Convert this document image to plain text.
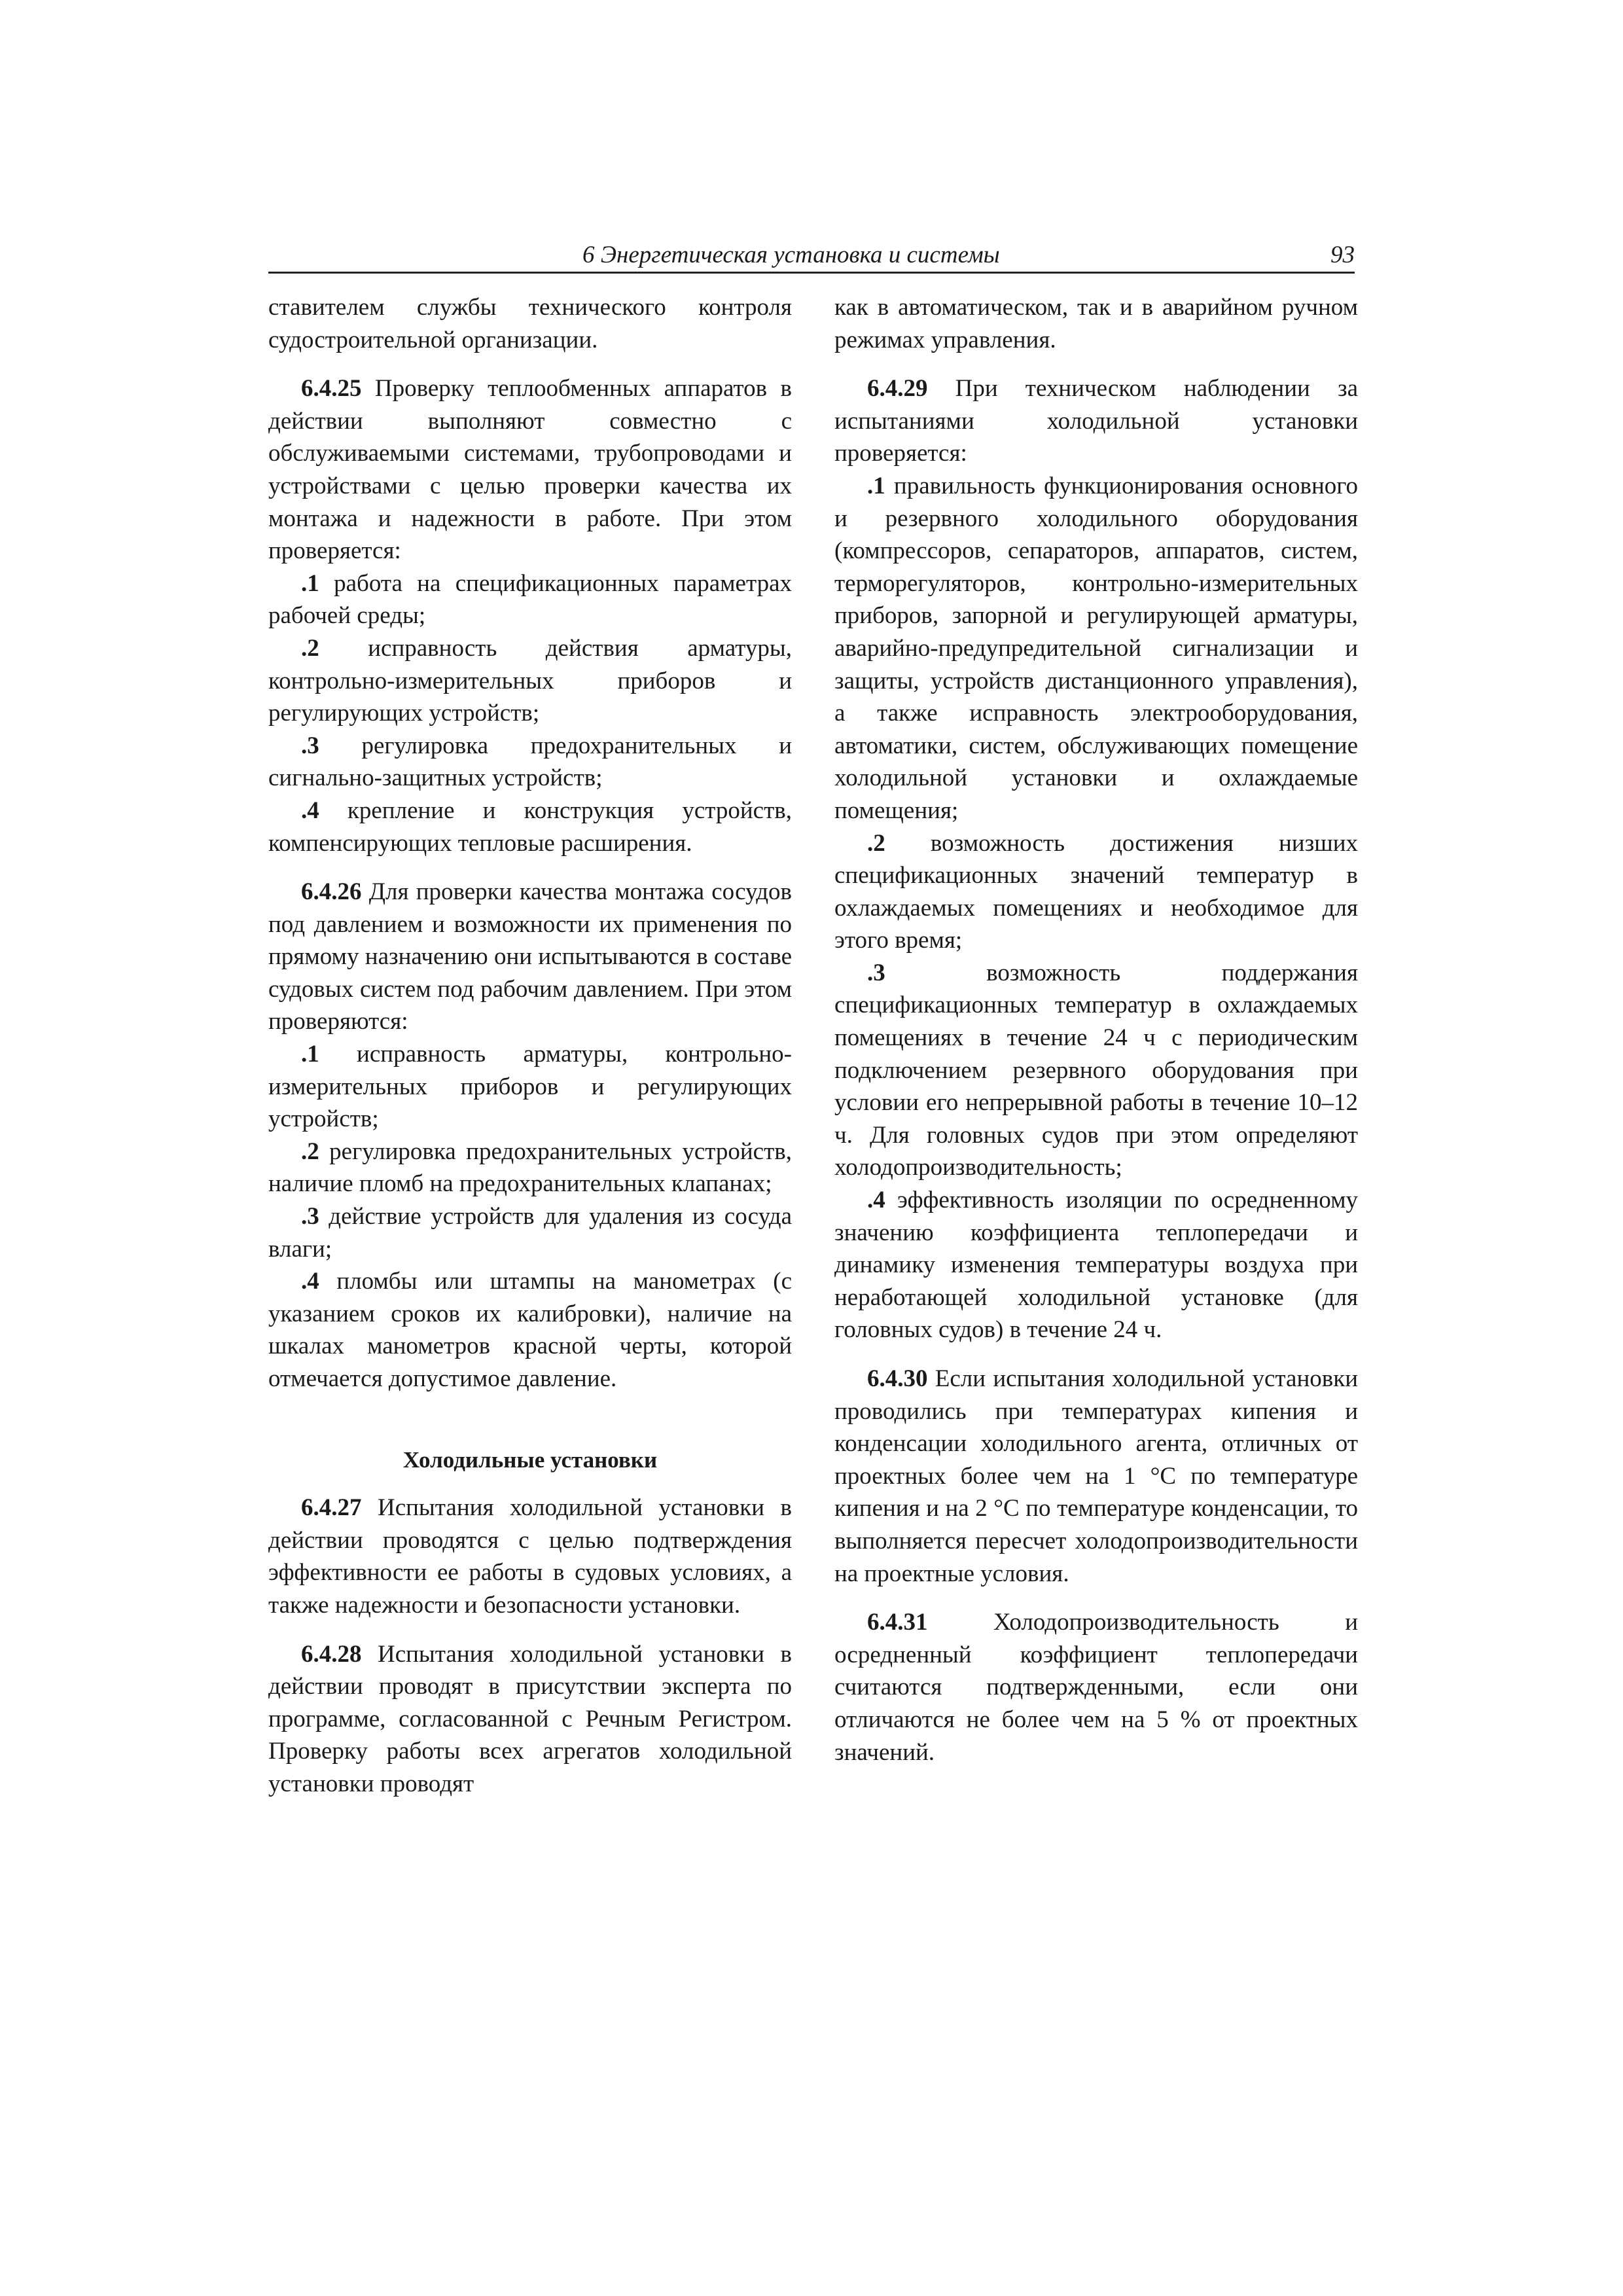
6 Энергетическая установка и системы	93

ставителем службы технического контроля судостроительной организации.

6.4.25 Проверку теплообменных аппаратов в действии выполняют совместно с обслуживаемыми системами, трубопроводами и устройствами с целью проверки качества их монтажа и надежности в работе. При этом проверяется:

.1 работа на спецификационных параметрах рабочей среды;

.2 исправность действия арматуры, контрольно-измерительных приборов и регулирующих устройств;

.3 регулировка предохранительных и сигнально-защитных устройств;

.4 крепление и конструкция устройств, компенсирующих тепловые расширения.

6.4.26 Для проверки качества монтажа сосудов под давлением и возможности их применения по прямому назначению они испытываются в составе судовых систем под рабочим давлением. При этом проверяются:

.1 исправность арматуры, контрольно-измерительных приборов и регулирующих устройств;

.2 регулировка предохранительных устройств, наличие пломб на предохранительных клапанах;

.3 действие устройств для удаления из сосуда влаги;

.4 пломбы или штампы на манометрах (с указанием сроков их калибровки), наличие на шкалах манометров красной черты, которой отмечается допустимое давление.

Холодильные установки

6.4.27 Испытания холодильной установки в действии проводятся с целью подтверждения эффективности ее работы в судовых условиях, а также надежности и безопасности установки.

6.4.28 Испытания холодильной установки в действии проводят в присутствии эксперта по программе, согласованной с Речным Регистром. Проверку работы всех агрегатов холодильной установки проводят

как в автоматическом, так и в аварийном ручном режимах управления.

6.4.29 При техническом наблюдении за испытаниями холодильной установки проверяется:

.1 правильность функционирования основного и резервного холодильного оборудования (компрессоров, сепараторов, аппаратов, систем, терморегуляторов, контрольно-измерительных приборов, запорной и регулирующей арматуры, аварийно-предупредительной сигнализации и защиты, устройств дистанционного управления), а также исправность электрооборудования, автоматики, систем, обслуживающих помещение холодильной установки и охлаждаемые помещения;

.2 возможность достижения низших спецификационных значений температур в охлаждаемых помещениях и необходимое для этого время;

.3 возможность поддержания спецификационных температур в охлаждаемых помещениях в течение 24 ч с периодическим подключением резервного оборудования при условии его непрерывной работы в течение 10–12 ч. Для головных судов при этом определяют холодопроизводительность;

.4 эффективность изоляции по осредненному значению коэффициента теплопередачи и динамику изменения температуры воздуха при неработающей холодильной установке (для головных судов) в течение 24 ч.

6.4.30 Если испытания холодильной установки проводились при температурах кипения и конденсации холодильного агента, отличных от проектных более чем на 1 °С по температуре кипения и на 2 °С по температуре конденсации, то выполняется пересчет холодопроизводительности на проектные условия.

6.4.31 Холодопроизводительность и осредненный коэффициент теплопередачи считаются подтвержденными, если они отличаются не более чем на 5 % от проектных значений.
